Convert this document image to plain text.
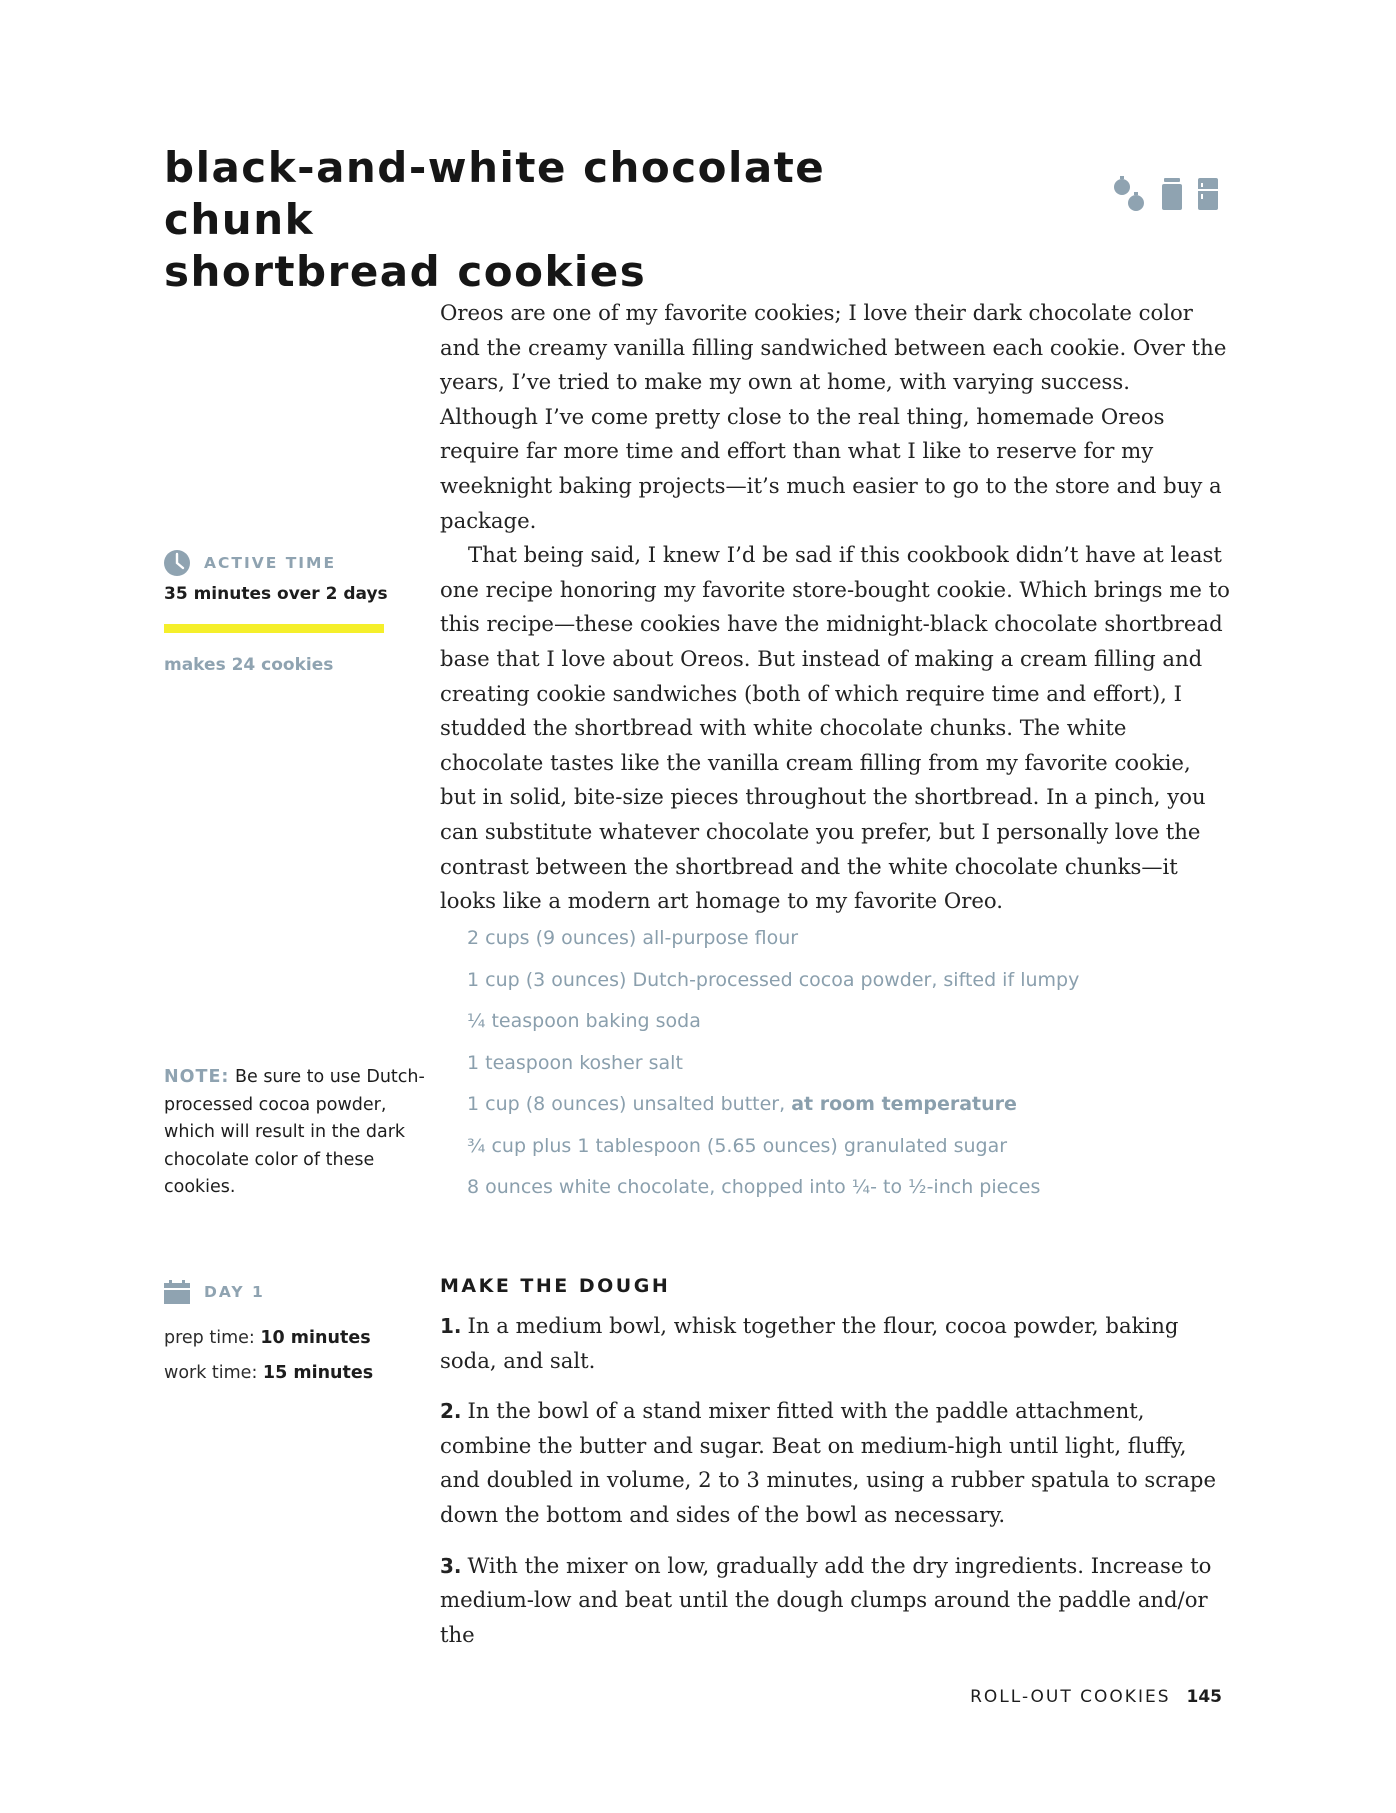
black-and-white chocolate chunk
shortbread cookies

Oreos are one of my favorite cookies; I love their dark chocolate color and the creamy vanilla filling sandwiched between each cookie. Over the years, I’ve tried to make my own at home, with varying success. Although I’ve come pretty close to the real thing, homemade Oreos require far more time and effort than what I like to reserve for my weeknight baking projects—it’s much easier to go to the store and buy a package.

That being said, I knew I’d be sad if this cookbook didn’t have at least one recipe honoring my favorite store-bought cookie. Which brings me to this recipe—these cookies have the midnight-black chocolate shortbread base that I love about Oreos. But instead of making a cream filling and creating cookie sandwiches (both of which require time and effort), I studded the shortbread with white chocolate chunks. The white chocolate tastes like the vanilla cream filling from my favorite cookie, but in solid, bite-size pieces throughout the shortbread. In a pinch, you can substitute whatever chocolate you prefer, but I personally love the contrast between the shortbread and the white chocolate chunks—it looks like a modern art homage to my favorite Oreo.

ACTIVE TIME
35 minutes over 2 days
makes 24 cookies
2 cups (9 ounces) all-purpose flour
1 cup (3 ounces) Dutch-processed cocoa powder, sifted if lumpy
¼ teaspoon baking soda
1 teaspoon kosher salt
1 cup (8 ounces) unsalted butter, at room temperature
¾ cup plus 1 tablespoon (5.65 ounces) granulated sugar
8 ounces white chocolate, chopped into ¼- to ½-inch pieces
NOTE: Be sure to use Dutch-processed cocoa powder, which will result in the dark chocolate color of these cookies.
DAY 1
prep time: 10 minutes
work time: 15 minutes
MAKE THE DOUGH
1. In a medium bowl, whisk together the flour, cocoa powder, baking soda, and salt.
2. In the bowl of a stand mixer fitted with the paddle attachment, combine the butter and sugar. Beat on medium-high until light, fluffy, and doubled in volume, 2 to 3 minutes, using a rubber spatula to scrape down the bottom and sides of the bowl as necessary.
3. With the mixer on low, gradually add the dry ingredients. Increase to medium-low and beat until the dough clumps around the paddle and/or the
ROLL-OUT COOKIES 145
